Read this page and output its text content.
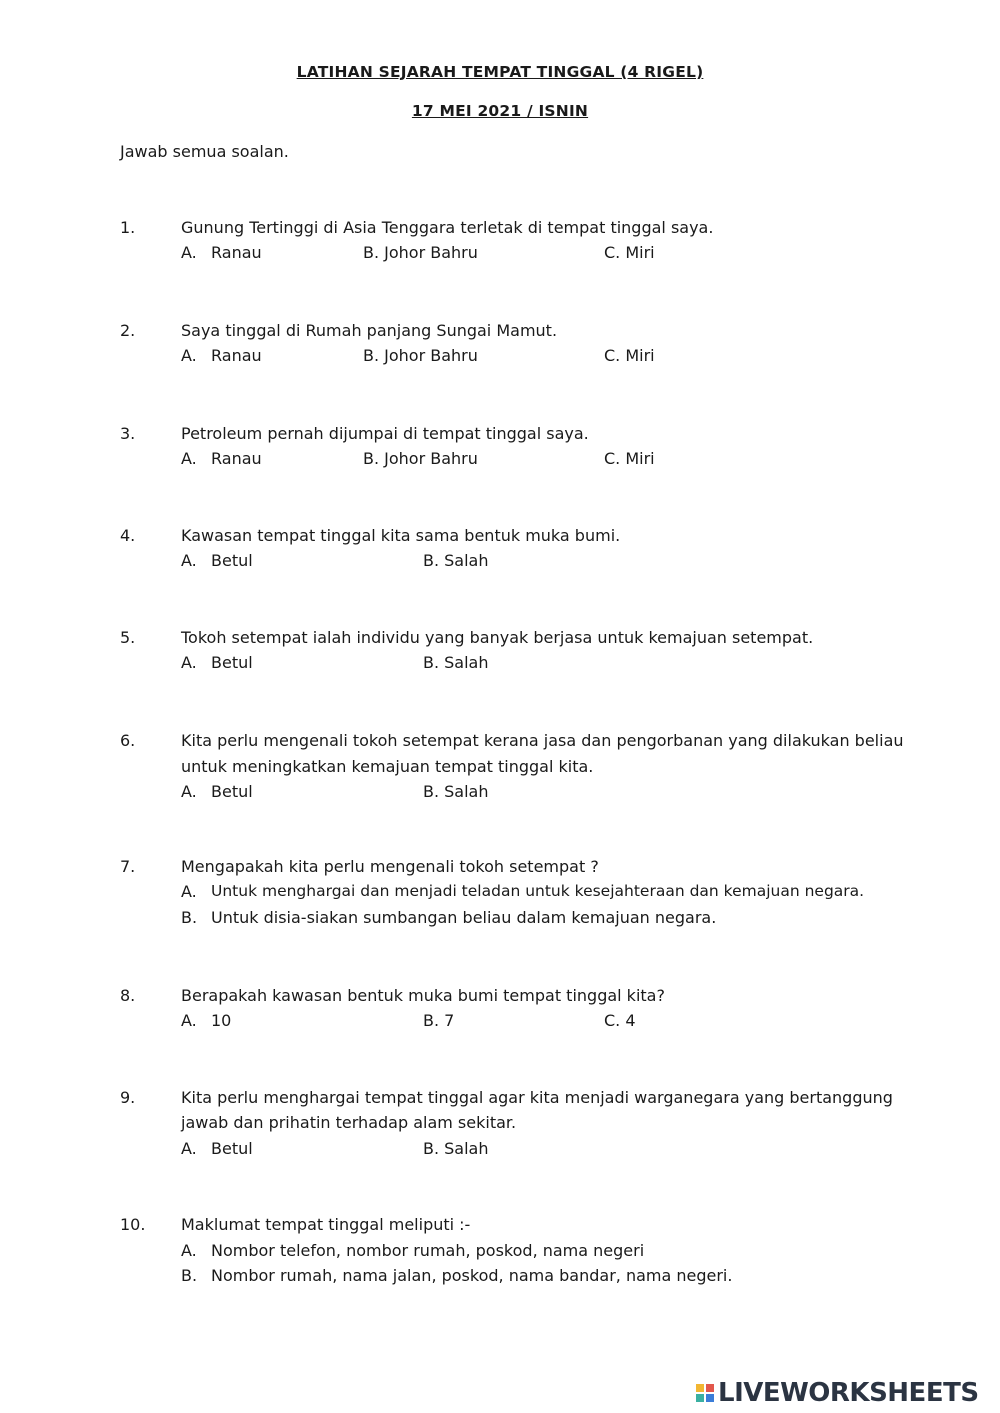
LATIHAN SEJARAH TEMPAT TINGGAL (4 RIGEL)
17 MEI 2021 / ISNIN
Jawab semua soalan.
1.	Gunung Tertinggi di Asia Tenggara terletak di tempat tinggal saya.
A. Ranau	B. Johor Bahru	C. Miri
2.	Saya tinggal di Rumah panjang Sungai Mamut.
A. Ranau	B. Johor Bahru	C. Miri
3.	Petroleum pernah dijumpai di tempat tinggal saya.
A. Ranau	B. Johor Bahru	C. Miri
4.	Kawasan tempat tinggal kita sama bentuk muka bumi.
A. Betul	B. Salah
5.	Tokoh setempat ialah individu yang banyak berjasa untuk kemajuan setempat.
A. Betul	B. Salah
6.	Kita perlu mengenali tokoh setempat kerana jasa dan pengorbanan yang dilakukan beliau
untuk meningkatkan kemajuan tempat tinggal kita.
A. Betul	B. Salah
7.	Mengapakah kita perlu mengenali tokoh setempat ?
A. Untuk menghargai dan menjadi teladan untuk kesejahteraan dan kemajuan negara.
B. Untuk disia-siakan sumbangan beliau dalam kemajuan negara.
8.	Berapakah kawasan bentuk muka bumi tempat tinggal kita?
A. 10	B. 7	C. 4
9.	Kita perlu menghargai tempat tinggal agar kita menjadi warganegara yang bertanggung
jawab dan prihatin terhadap alam sekitar.
A. Betul	B. Salah
10. Maklumat tempat tinggal meliputi :-
A. Nombor telefon, nombor rumah, poskod, nama negeri
B. Nombor rumah, nama jalan, poskod, nama bandar, nama negeri.
LIVEWORKSHEETS
